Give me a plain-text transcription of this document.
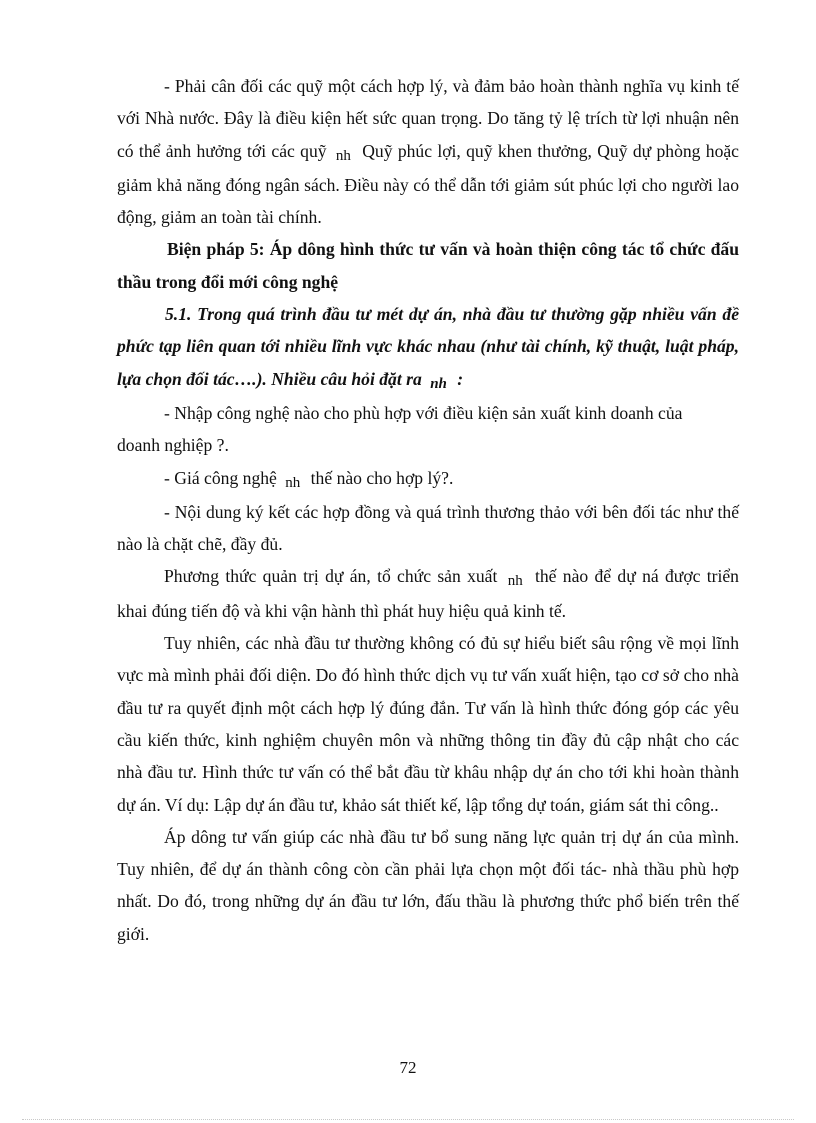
- Phải cân đối các quỹ một cách hợp lý, và đảm bảo hoàn thành nghĩa vụ kinh tế với Nhà nước. Đây là điều kiện hết sức quan trọng. Do tăng tỷ lệ trích từ lợi nhuận nên có thể ảnh hưởng tới các quỹ nh Quỹ phúc lợi, quỹ khen thưởng, Quỹ dự phòng hoặc giảm khả năng đóng ngân sách. Điều này có thể dẫn tới giảm sút phúc lợi cho người lao động, giảm an toàn tài chính.

Biện pháp 5: Áp dông hình thức tư vấn và hoàn thiện công tác tổ chức đấu thầu trong đổi mới công nghệ

5.1. Trong quá trình đầu tư mét dự án, nhà đầu tư thường gặp nhiều vấn đề phức tạp liên quan tới nhiều lĩnh vực khác nhau (như tài chính, kỹ thuật, luật pháp, lựa chọn đối tác….). Nhiều câu hỏi đặt ra nh :

- Nhập công nghệ nào cho phù hợp với điều kiện sản xuất kinh doanh của

doanh nghiệp ?.

- Giá công nghệ nh thế nào cho hợp lý?.

- Nội dung ký kết các hợp đồng và quá trình thương thảo với bên đối tác như thế nào là chặt chẽ, đầy đủ.

Phương thức quản trị dự án, tổ chức sản xuất nh thế nào để dự ná được triển khai đúng tiến độ và khi vận hành thì phát huy hiệu quả kinh tế.

Tuy nhiên, các nhà đầu tư thường không có đủ sự hiểu biết sâu rộng về mọi lĩnh vực mà mình phải đối diện. Do đó hình thức dịch vụ tư vấn xuất hiện, tạo cơ sở cho nhà đầu tư ra quyết định một cách hợp lý đúng đắn. Tư vấn là hình thức đóng góp các yêu cầu kiến thức, kinh nghiệm chuyên môn và những thông tin đầy đủ cập nhật cho các nhà đầu tư. Hình thức tư vấn có thể bắt đầu từ khâu nhập dự án cho tới khi hoàn thành dự án. Ví dụ: Lập dự án đầu tư, khảo sát thiết kế, lập tổng dự toán, giám sát thi công..

Áp dông tư vấn giúp các nhà đầu tư bổ sung năng lực quản trị dự án của mình. Tuy nhiên, để dự án thành công còn cần phải lựa chọn một đối tác- nhà thầu phù hợp nhất. Do đó, trong những dự án đầu tư lớn, đấu thầu là phương thức phổ biến trên thế giới.

72
